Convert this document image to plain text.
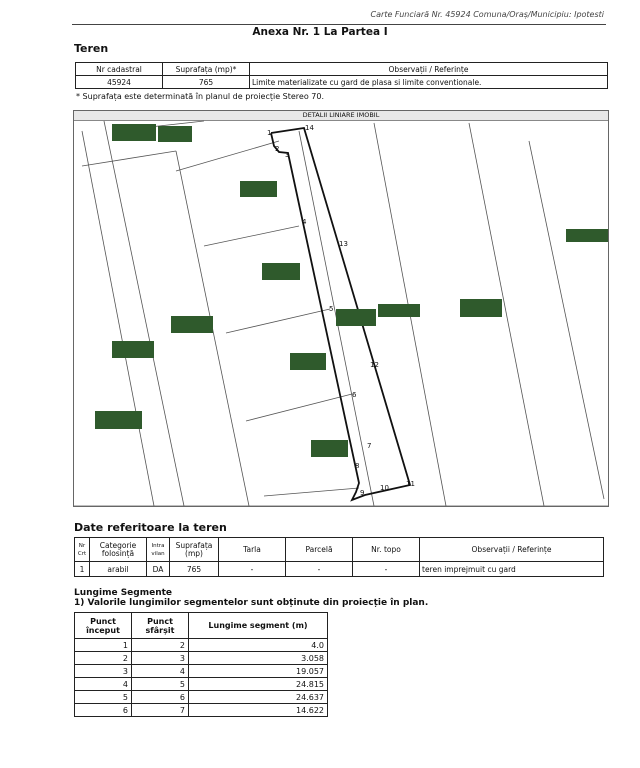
Carte Funciară Nr. 45924 Comuna/Oraș/Municipiu: Ipotesti
Anexa Nr. 1 La Partea I
Teren
Nr cadastral	Suprafața (mp)*	Observații / Referințe
45924	765	Limite materializate cu gard de plasa si limite conventionale.
* Suprafața este determinată în planul de proiecție Stereo 70.
DETALII LINIARE IMOBIL
1
2
3
4
5
6
7
8
9
10 11
12
13
14
Date referitoare la teren
Nr Crt	Categorie folosință	Intra vilan	Suprafața (mp)	Tarla	Parcelă	Nr. topo	Observații / Referințe
1	arabil	DA	765	-	-	-	teren imprejmuit cu gard
Lungime Segmente
1) Valorile lungimilor segmentelor sunt obținute din proiecție în plan.
Punct început	Punct sfârșit	Lungime segment (m)
1	2	4.0
2	3	3.058
3	4	19.057
4	5	24.815
5	6	24.637
6	7	14.622
